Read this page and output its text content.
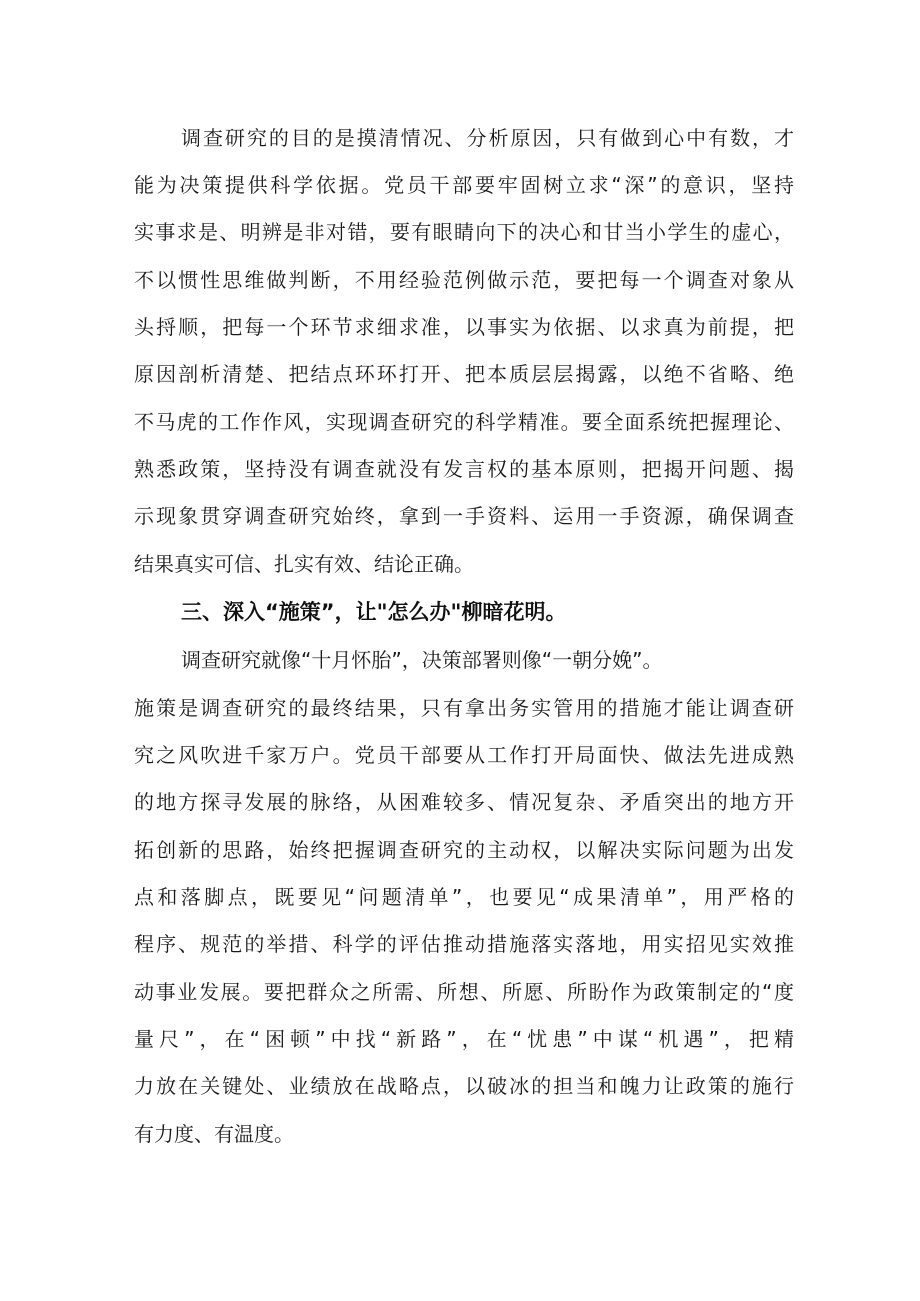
调查研究的目的是摸清情况、分析原因，只有做到心中有数，才

能为决策提供科学依据。党员干部要牢固树立求“深”的意识，坚持

实事求是、明辨是非对错，要有眼睛向下的决心和甘当小学生的虚心，

不以惯性思维做判断，不用经验范例做示范，要把每一个调查对象从

头捋顺，把每一个环节求细求准，以事实为依据、以求真为前提，把

原因剖析清楚、把结点环环打开、把本质层层揭露，以绝不省略、绝

不马虎的工作作风，实现调查研究的科学精准。要全面系统把握理论、

熟悉政策，坚持没有调查就没有发言权的基本原则，把揭开问题、揭

示现象贯穿调查研究始终，拿到一手资料、运用一手资源，确保调查

结果真实可信、扎实有效、结论正确。

三、深入“施策”，让"怎么办"柳暗花明。

调查研究就像“十月怀胎”，决策部署则像“一朝分娩”。

施策是调查研究的最终结果，只有拿出务实管用的措施才能让调查研

究之风吹进千家万户。党员干部要从工作打开局面快、做法先进成熟

的地方探寻发展的脉络，从困难较多、情况复杂、矛盾突出的地方开

拓创新的思路，始终把握调查研究的主动权，以解决实际问题为出发

点和落脚点，既要见“问题清单”，也要见“成果清单”，用严格的

程序、规范的举措、科学的评估推动措施落实落地，用实招见实效推

动事业发展。要把群众之所需、所想、所愿、所盼作为政策制定的“度

量尺”，在“困顿”中找“新路”，在“忧患”中谋“机遇”，把精

力放在关键处、业绩放在战略点，以破冰的担当和魄力让政策的施行

有力度、有温度。
